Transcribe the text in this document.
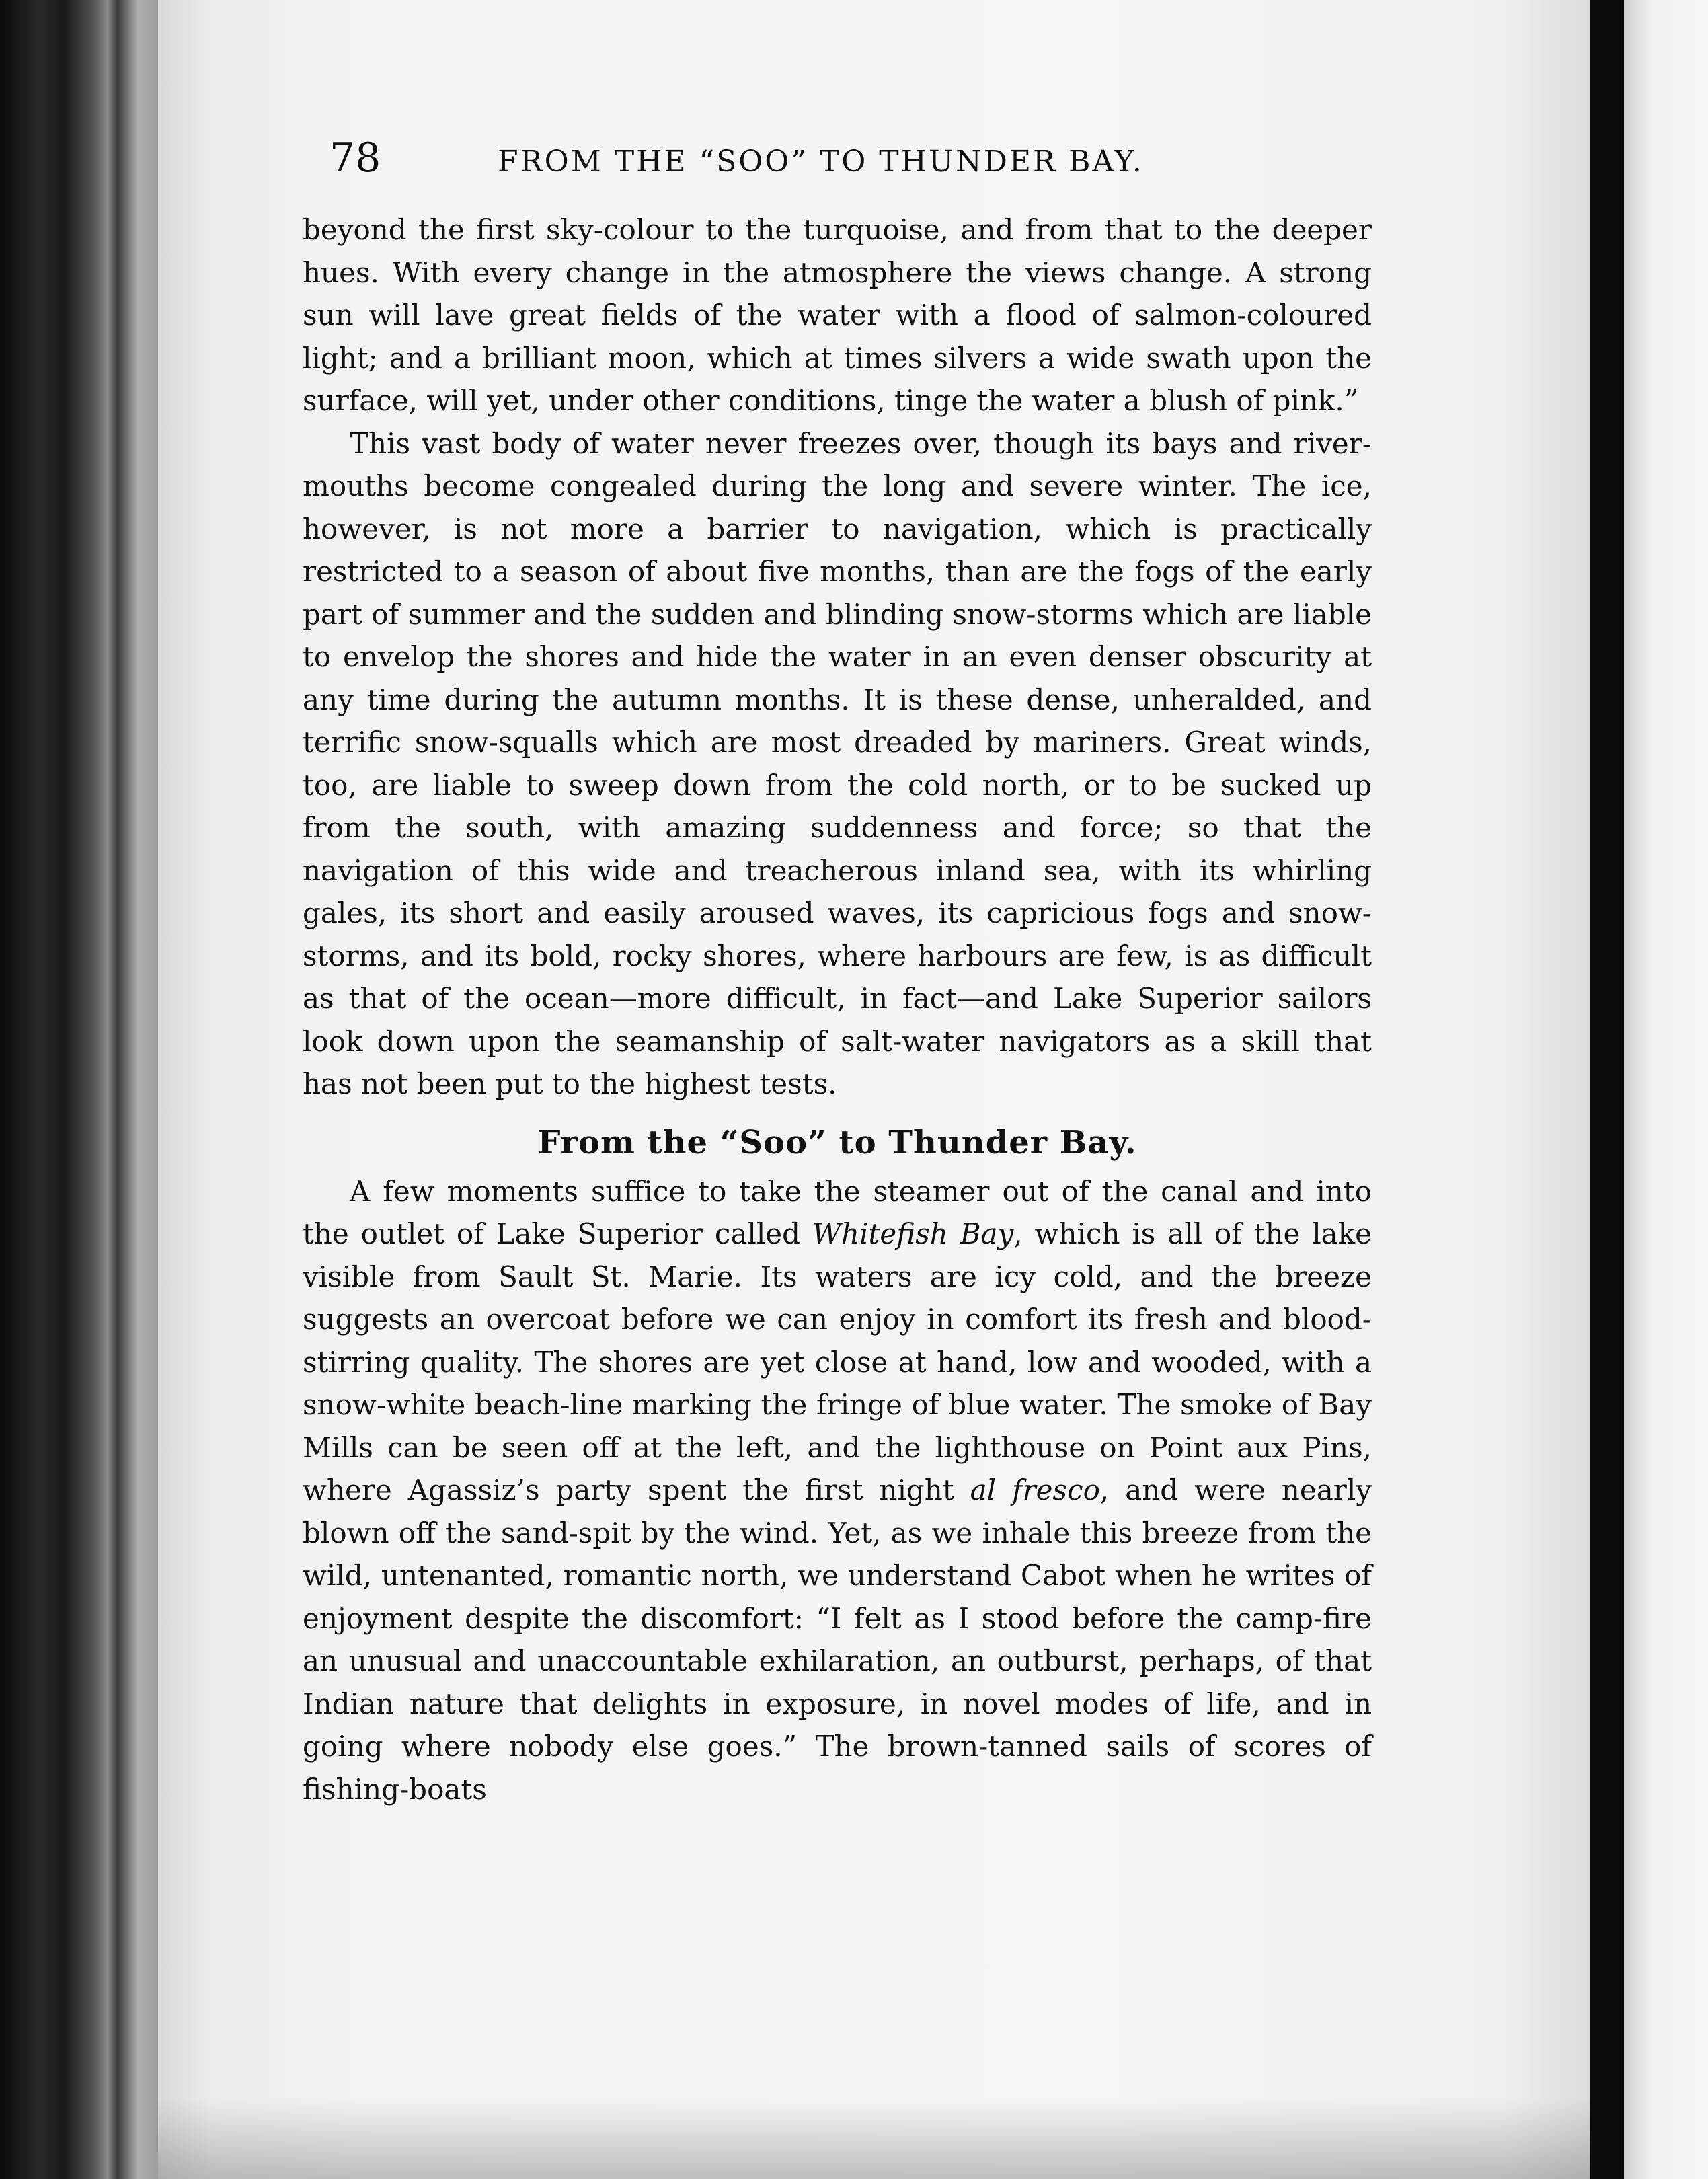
78	FROM THE “SOO” TO THUNDER BAY.

beyond the first sky-colour to the turquoise, and from that to the deeper hues. With every change in the atmosphere the views change. A strong sun will lave great fields of the water with a flood of salmon-coloured light; and a brilliant moon, which at times silvers a wide swath upon the surface, will yet, under other conditions, tinge the water a blush of pink.”

This vast body of water never freezes over, though its bays and river-mouths become congealed during the long and severe winter. The ice, however, is not more a barrier to navigation, which is practically restricted to a season of about five months, than are the fogs of the early part of summer and the sudden and blinding snow-storms which are liable to envelop the shores and hide the water in an even denser obscurity at any time during the autumn months. It is these dense, unheralded, and terrific snow-squalls which are most dreaded by mariners. Great winds, too, are liable to sweep down from the cold north, or to be sucked up from the south, with amazing suddenness and force; so that the navigation of this wide and treacherous inland sea, with its whirling gales, its short and easily aroused waves, its capricious fogs and snow-storms, and its bold, rocky shores, where harbours are few, is as difficult as that of the ocean—more difficult, in fact—and Lake Superior sailors look down upon the seamanship of salt-water navigators as a skill that has not been put to the highest tests.

From the “Soo” to Thunder Bay.

A few moments suffice to take the steamer out of the canal and into the outlet of Lake Superior called Whitefish Bay, which is all of the lake visible from Sault St. Marie. Its waters are icy cold, and the breeze suggests an overcoat before we can enjoy in comfort its fresh and blood-stirring quality. The shores are yet close at hand, low and wooded, with a snow-white beach-line marking the fringe of blue water. The smoke of Bay Mills can be seen off at the left, and the lighthouse on Point aux Pins, where Agassiz’s party spent the first night al fresco, and were nearly blown off the sand-spit by the wind. Yet, as we inhale this breeze from the wild, untenanted, romantic north, we understand Cabot when he writes of enjoyment despite the discomfort: “I felt as I stood before the camp-fire an unusual and unaccountable exhilaration, an outburst, perhaps, of that Indian nature that delights in exposure, in novel modes of life, and in going where nobody else goes.” The brown-tanned sails of scores of fishing-boats
